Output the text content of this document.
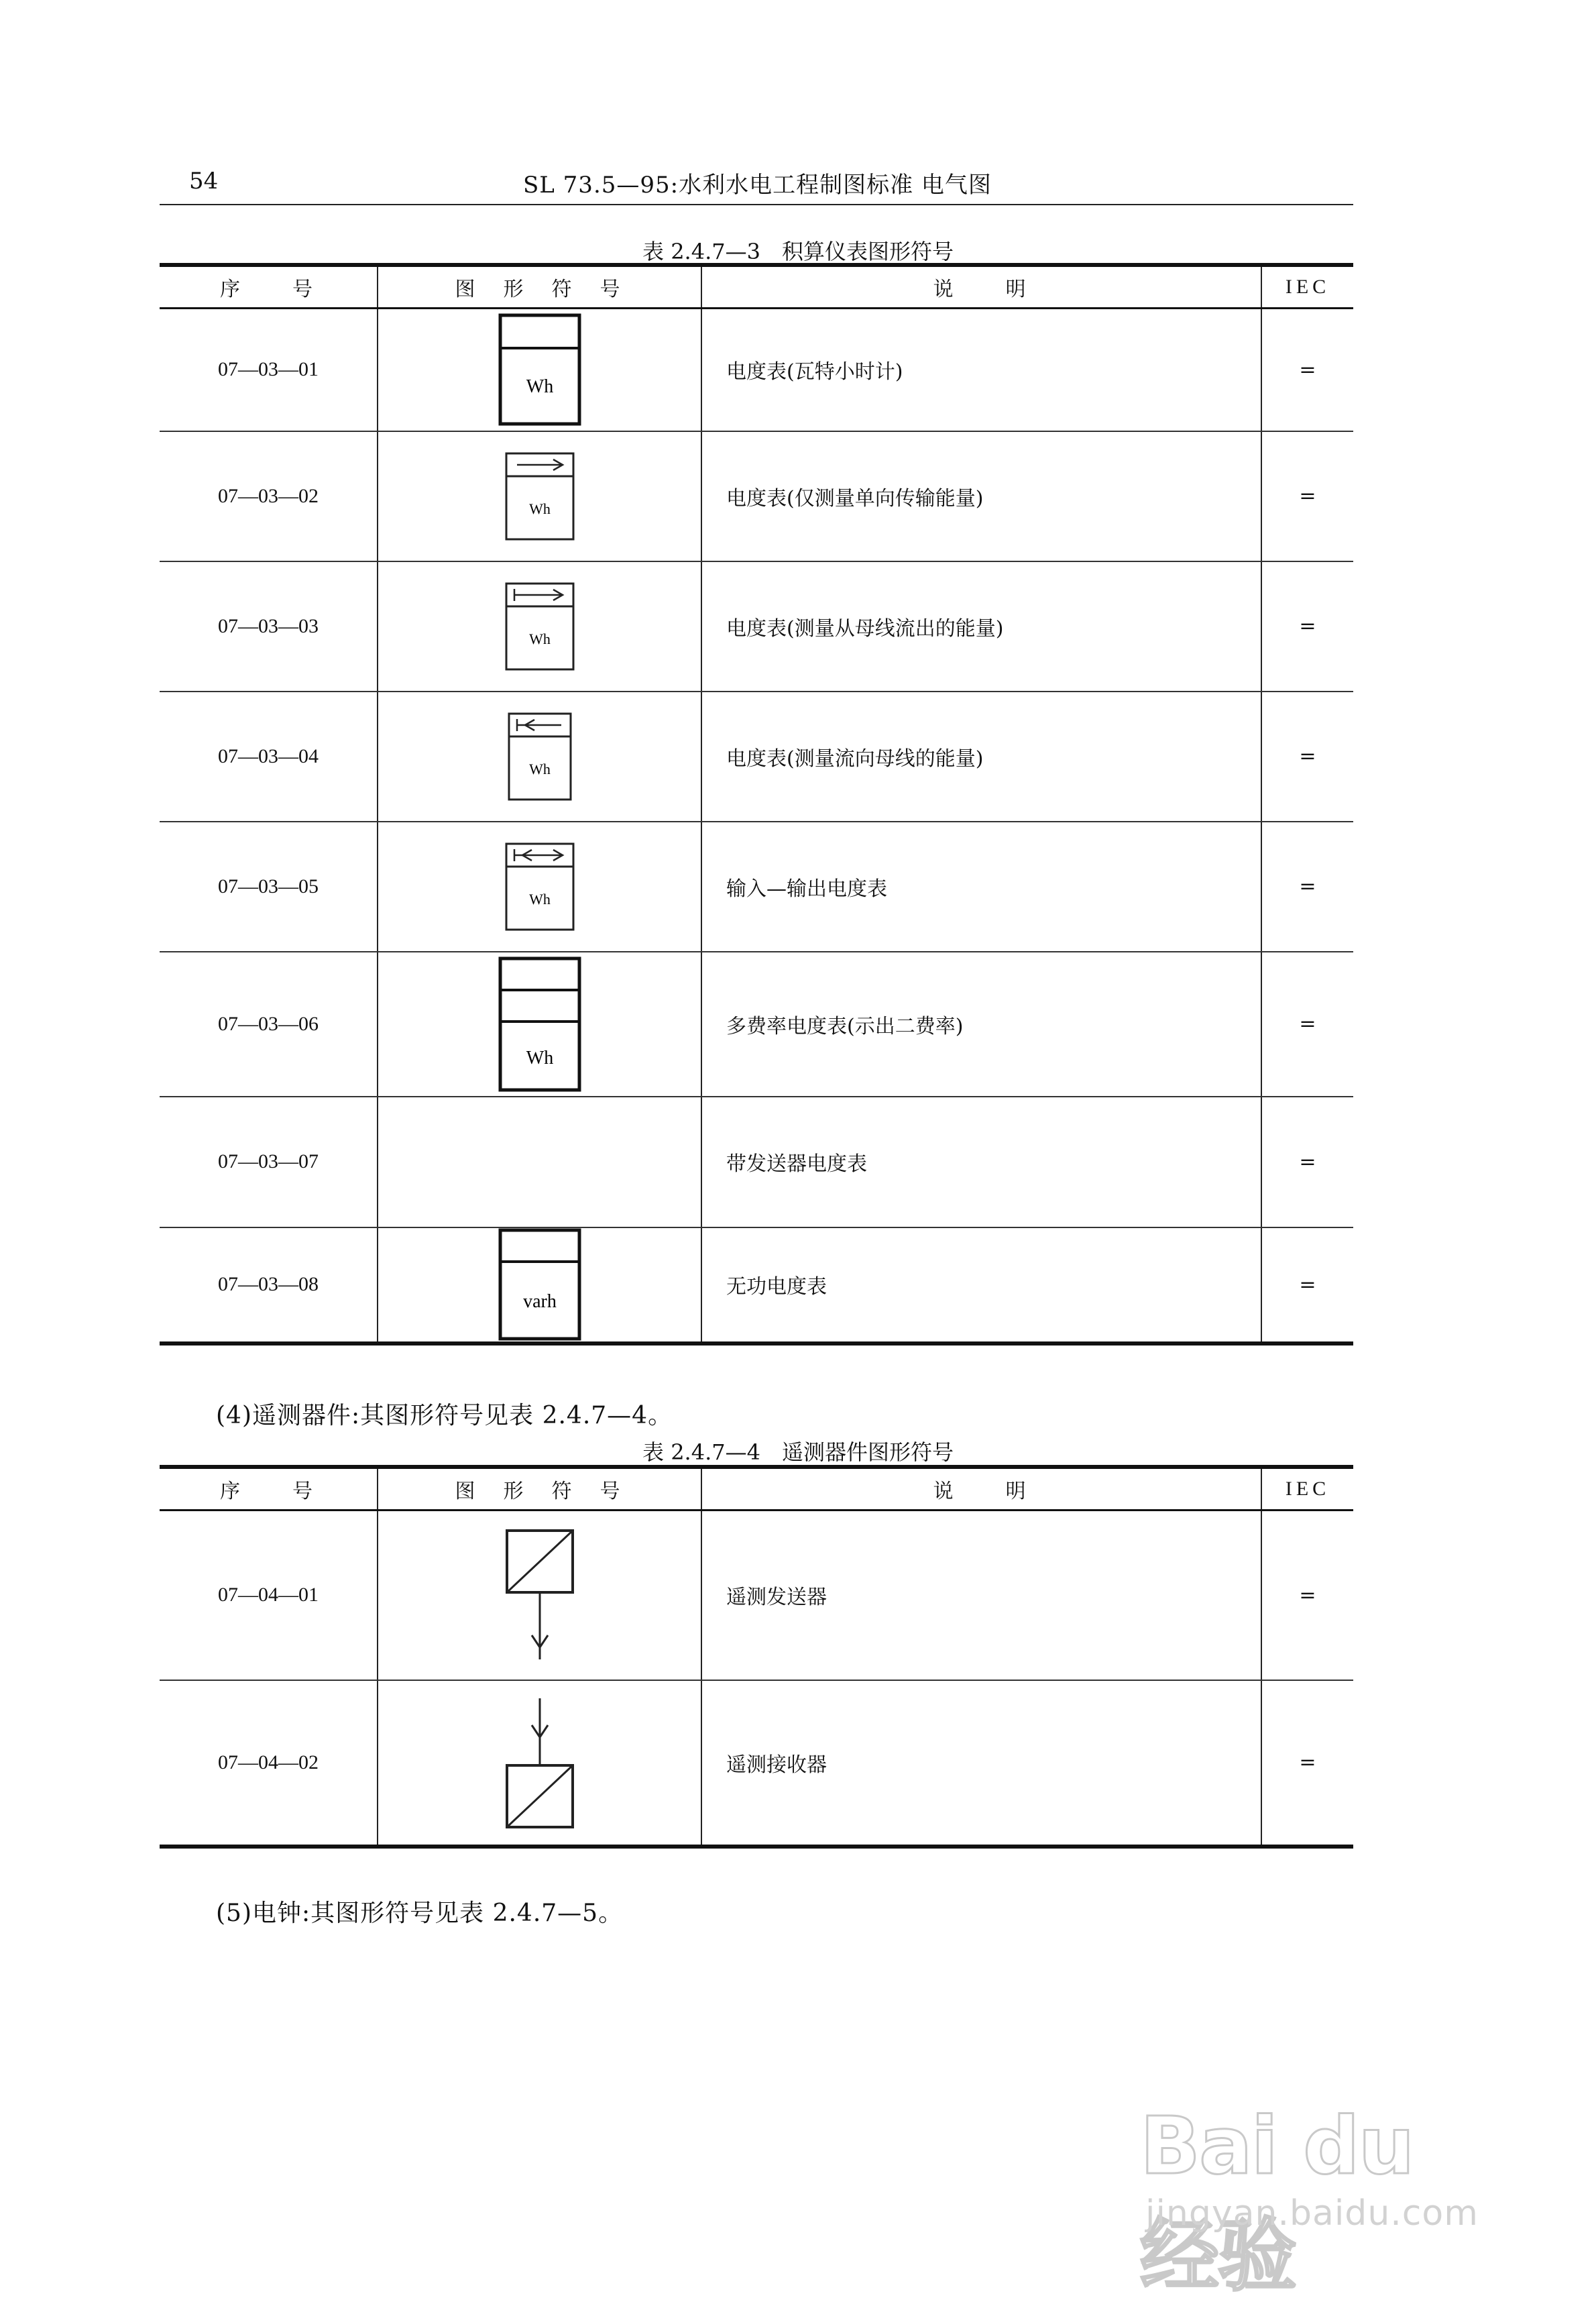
54	SL 73.5—95:水利水电工程制图标准 电气图
表 2.4.7—3　积算仪表图形符号
序　　号	图　形　符　号	说　　明	IEC
07—03—01	Wh	电度表(瓦特小时计)	=
07—03—02	Wh	电度表(仅测量单向传输能量)	=
07—03—03	Wh	电度表(测量从母线流出的能量)	=
07—03—04	Wh	电度表(测量流向母线的能量)	=
07—03—05	Wh	输入—输出电度表	=
07—03—06	Wh	多费率电度表(示出二费率)	=
07—03—07		带发送器电度表	=
07—03—08	varh	无功电度表	=
(4)遥测器件:其图形符号见表 2.4.7—4。
表 2.4.7—4　遥测器件图形符号
序　　号	图　形　符　号	说　　明	IEC
07—04—01		遥测发送器	=
07—04—02		遥测接收器	=
(5)电钟:其图形符号见表 2.4.7—5。
Bai du 经验
jingyan.baidu.com
